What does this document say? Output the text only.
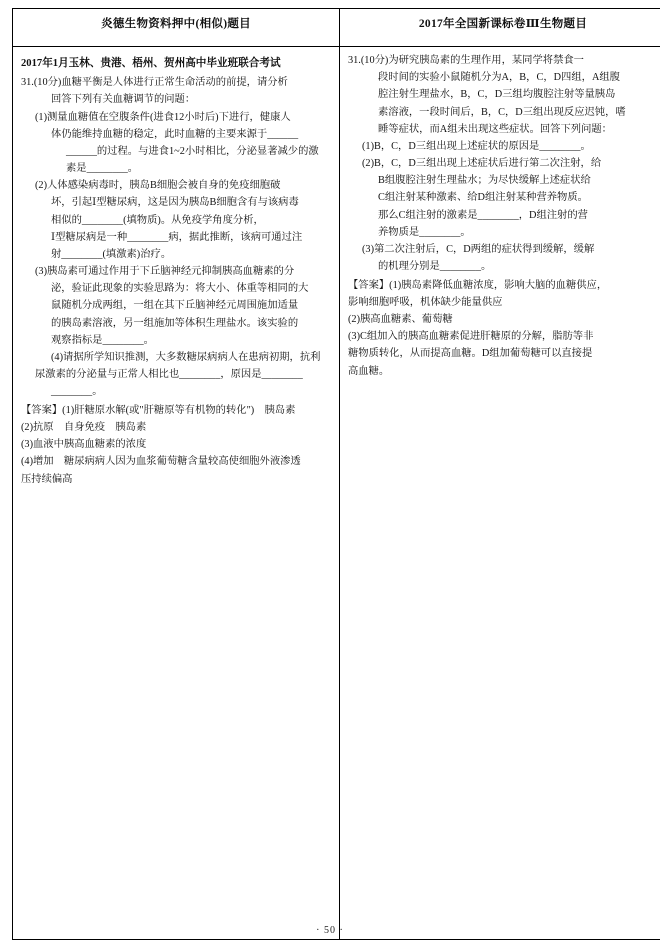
炎德生物资料押中(相似)题目	2017年全国新课标卷Ⅲ生物题目

2017年1月玉林、贵港、梧州、贺州高中毕业班联合考试

31.(10分)血糖平衡是人体进行正常生命活动的前提，请分析

回答下列有关血糖调节的问题：

(1)测量血糖值在空腹条件(进食12小时后)下进行，健康人

体仍能维持血糖的稳定，此时血糖的主要来源于______

______的过程。与进食1~2小时相比，分泌显著减少的激

素是________。

(2)人体感染病毒时，胰岛B细胞会被自身的免疫细胞破

坏，引起Ⅰ型糖尿病，这是因为胰岛B细胞含有与该病毒

相似的________(填物质)。从免疫学角度分析，

Ⅰ型糖尿病是一种________病，据此推断，该病可通过注

射________(填激素)治疗。

(3)胰岛素可通过作用于下丘脑神经元抑制胰高血糖素的分

泌，验证此现象的实验思路为：将大小、体重等相同的大

鼠随机分成两组，一组在其下丘脑神经元周围施加适量

的胰岛素溶液，另一组施加等体积生理盐水。该实验的

观察指标是________。

(4)请据所学知识推测，大多数糖尿病病人在患病初期，抗利

尿激素的分泌量与正常人相比也________，原因是________

________。

【答案】(1)肝糖原水解(或"肝糖原等有机物的转化")　胰岛素

(2)抗原　自身免疫　胰岛素

(3)血液中胰高血糖素的浓度

(4)增加　糖尿病病人因为血浆葡萄糖含量较高使细胞外液渗透

压持续偏高

31.(10分)为研究胰岛素的生理作用，某同学将禁食一

段时间的实验小鼠随机分为A，B，C，D四组，A组腹

腔注射生理盐水，B，C，D三组均腹腔注射等量胰岛

素溶液，一段时间后，B，C，D三组出现反应迟钝，嗜

睡等症状，而A组未出现这些症状。回答下列问题：

(1)B，C，D三组出现上述症状的原因是________。

(2)B，C，D三组出现上述症状后进行第二次注射，给

B组腹腔注射生理盐水；为尽快缓解上述症状给

C组注射某种激素、给D组注射某种营养物质。

那么C组注射的激素是________，D组注射的营

养物质是________。

(3)第二次注射后，C，D两组的症状得到缓解，缓解

的机理分别是________。

【答案】(1)胰岛素降低血糖浓度，影响大脑的血糖供应，

影响细胞呼吸，机体缺少能量供应

(2)胰高血糖素、葡萄糖

(3)C组加入的胰高血糖素促进肝糖原的分解，脂肪等非

糖物质转化，从而提高血糖。D组加葡萄糖可以直接提

高血糖。

· 50 ·
